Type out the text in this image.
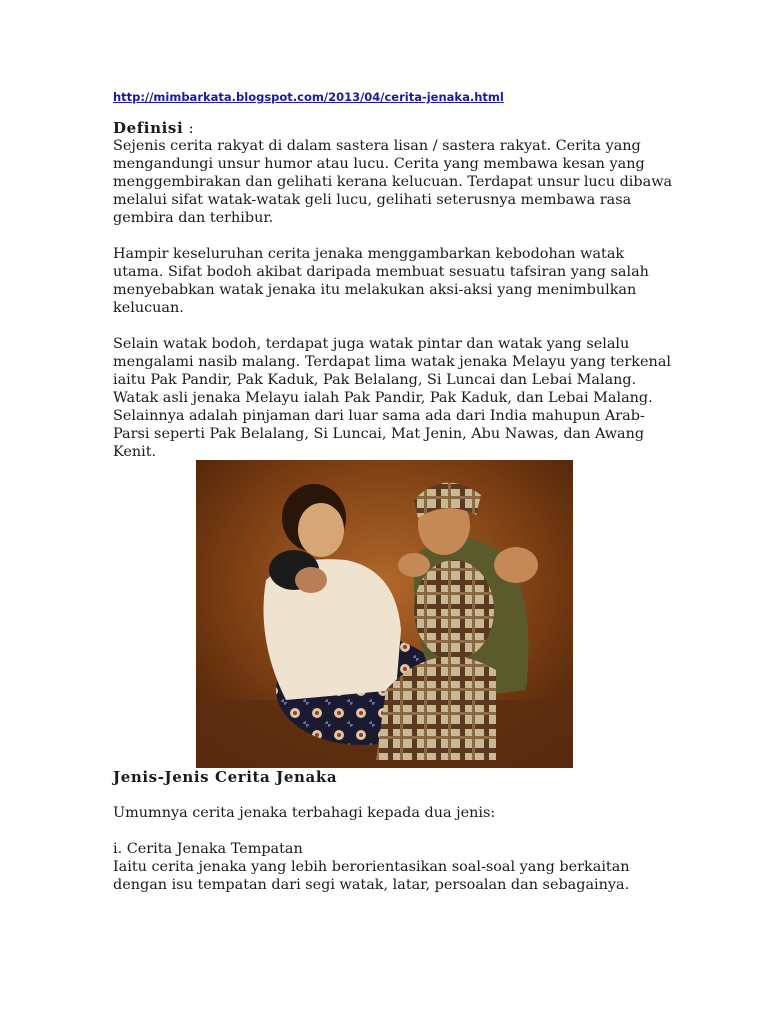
http://mimbarkata.blogspot.com/2013/04/cerita-jenaka.html
Definisi :

Sejenis cerita rakyat di dalam sastera lisan / sastera rakyat. Cerita yang mengandungi unsur humor atau lucu. Cerita yang membawa kesan yang menggembirakan dan gelihati kerana kelucuan. Terdapat unsur lucu dibawa melalui sifat watak-watak geli lucu, gelihati seterusnya membawa rasa gembira dan terhibur.

Hampir keseluruhan cerita jenaka menggambarkan kebodohan watak utama. Sifat bodoh akibat daripada membuat sesuatu tafsiran yang salah menyebabkan watak jenaka itu melakukan aksi-aksi yang menimbulkan kelucuan.

Selain watak bodoh, terdapat juga watak pintar dan watak yang selalu mengalami nasib malang. Terdapat lima watak jenaka Melayu yang terkenal iaitu Pak Pandir, Pak Kaduk, Pak Belalang, Si Luncai dan Lebai Malang. Watak asli jenaka Melayu ialah Pak Pandir, Pak Kaduk, dan Lebai Malang. Selainnya adalah pinjaman dari luar sama ada dari India mahupun Arab-Parsi seperti Pak Belalang, Si Luncai, Mat Jenin, Abu Nawas, dan Awang Kenit.

Jenis-Jenis Cerita Jenaka

Umumnya cerita jenaka terbahagi kepada dua jenis:

i. Cerita Jenaka Tempatan

Iaitu cerita jenaka yang lebih berorientasikan soal-soal yang berkaitan dengan isu tempatan dari segi watak, latar, persoalan dan sebagainya.
